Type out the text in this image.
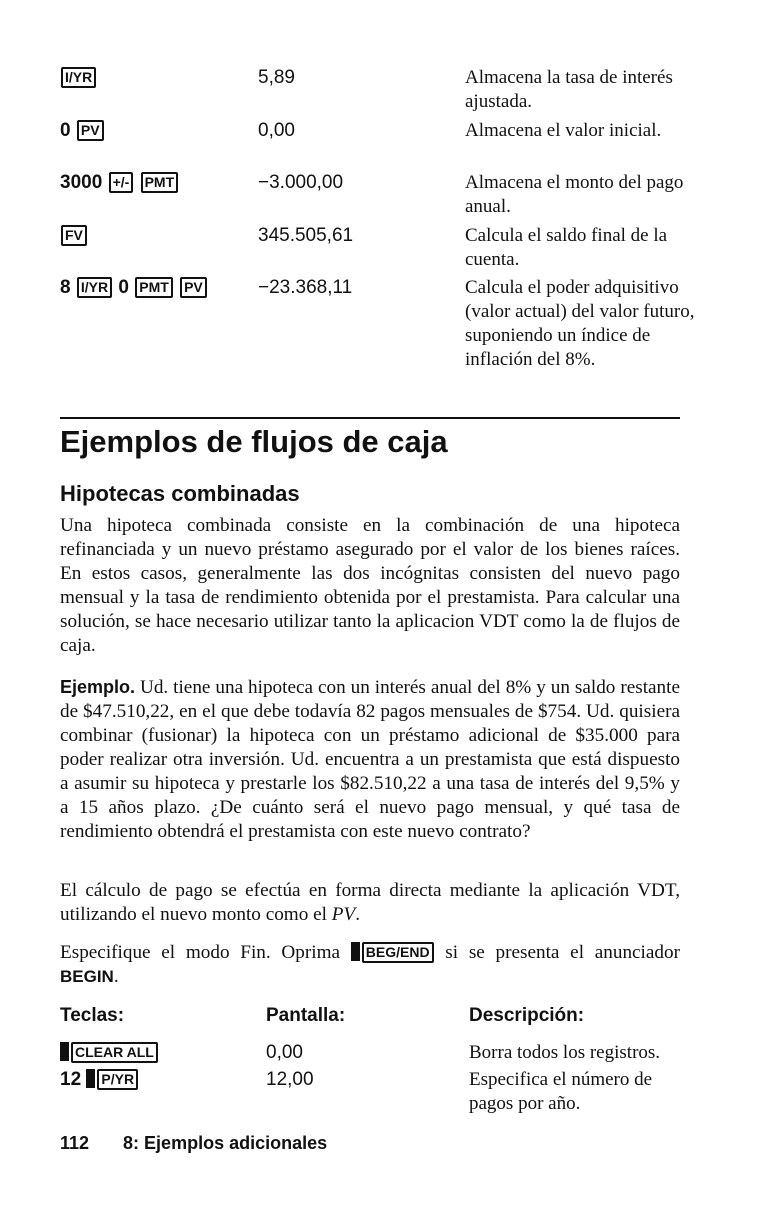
I/YR	5,89	Almacena la tasa de interés ajustada.
0 PV	0,00	Almacena el valor inicial.
3000 +/- PMT	−3.000,00	Almacena el monto del pago anual.
FV	345.505,61	Calcula el saldo final de la cuenta.
8 I/YR 0 PMT PV	−23.368,11	Calcula el poder adquisitivo (valor actual) del valor futuro, suponiendo un índice de inflación del 8%.
Ejemplos de flujos de caja
Hipotecas combinadas
Una hipoteca combinada consiste en la combinación de una hipoteca refinanciada y un nuevo préstamo asegurado por el valor de los bienes raíces. En estos casos, generalmente las dos incógnitas consisten del nuevo pago mensual y la tasa de rendimiento obtenida por el prestamista. Para calcular una solución, se hace necesario utilizar tanto la aplicacion VDT como la de flujos de caja.
Ejemplo. Ud. tiene una hipoteca con un interés anual del 8% y un saldo restante de $47.510,22, en el que debe todavía 82 pagos mensuales de $754. Ud. quisiera combinar (fusionar) la hipoteca con un préstamo adicional de $35.000 para poder realizar otra inversión. Ud. encuentra a un prestamista que está dispuesto a asumir su hipoteca y prestarle los $82.510,22 a una tasa de interés del 9,5% y a 15 años plazo. ¿De cuánto será el nuevo pago mensual, y qué tasa de rendimiento obtendrá el prestamista con este nuevo contrato?
El cálculo de pago se efectúa en forma directa mediante la aplicación VDT, utilizando el nuevo monto como el PV.
Especifique el modo Fin. Oprima BEG/END si se presenta el anunciador BEGIN.
Teclas:	Pantalla:	Descripción:
CLEAR ALL	0,00	Borra todos los registros.
12 P/YR	12,00	Especifica el número de pagos por año.
112 8: Ejemplos adicionales
